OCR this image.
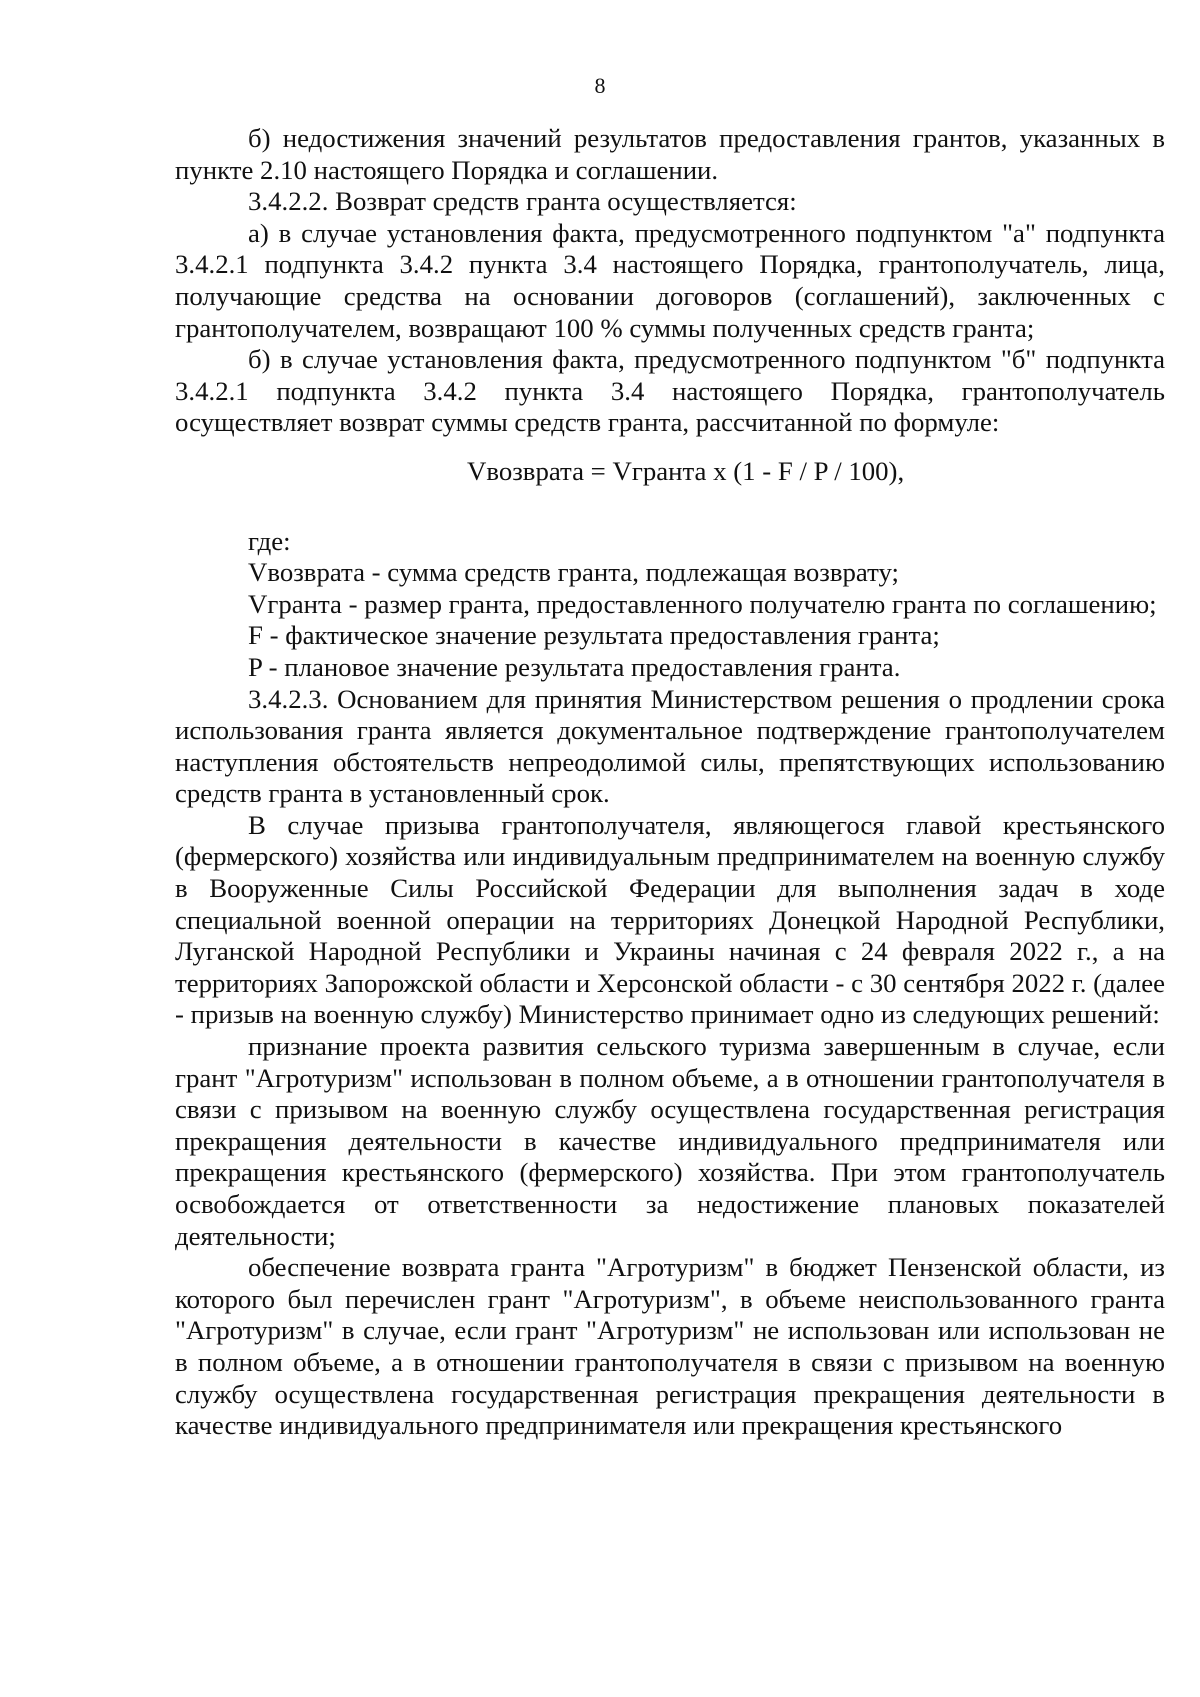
8

б) недостижения значений результатов предоставления грантов, указанных в пункте 2.10 настоящего Порядка и соглашении.

3.4.2.2. Возврат средств гранта осуществляется:

а) в случае установления факта, предусмотренного подпунктом "а" подпункта 3.4.2.1 подпункта 3.4.2 пункта 3.4 настоящего Порядка, грантополучатель, лица, получающие средства на основании договоров (соглашений), заключенных с грантополучателем, возвращают 100 % суммы полученных средств гранта;

б) в случае установления факта, предусмотренного подпунктом "б" подпункта 3.4.2.1 подпункта 3.4.2 пункта 3.4 настоящего Порядка, грантополучатель осуществляет возврат суммы средств гранта, рассчитанной по формуле:

Vвозврата = Vгранта x (1 - F / P / 100),

где:

Vвозврата - сумма средств гранта, подлежащая возврату;

Vгранта - размер гранта, предоставленного получателю гранта по соглашению;

F - фактическое значение результата предоставления гранта;

P - плановое значение результата предоставления гранта.

3.4.2.3. Основанием для принятия Министерством решения о продлении срока использования гранта является документальное подтверждение грантополучателем наступления обстоятельств непреодолимой силы, препятствующих использованию средств гранта в установленный срок.

В случае призыва грантополучателя, являющегося главой крестьянского (фермерского) хозяйства или индивидуальным предпринимателем на военную службу в Вооруженные Силы Российской Федерации для выполнения задач в ходе специальной военной операции на территориях Донецкой Народной Республики, Луганской Народной Республики и Украины начиная с 24 февраля 2022 г., а на территориях Запорожской области и Херсонской области - с 30 сентября 2022 г. (далее - призыв на военную службу) Министерство принимает одно из следующих решений:

признание проекта развития сельского туризма завершенным в случае, если грант "Агротуризм" использован в полном объеме, а в отношении грантополучателя в связи с призывом на военную службу осуществлена государственная регистрация прекращения деятельности в качестве индивидуального предпринимателя или прекращения крестьянского (фермерского) хозяйства. При этом грантополучатель освобождается от ответственности за недостижение плановых показателей деятельности;

обеспечение возврата гранта "Агротуризм" в бюджет Пензенской области, из которого был перечислен грант "Агротуризм", в объеме неиспользованного гранта "Агротуризм" в случае, если грант "Агротуризм" не использован или использован не в полном объеме, а в отношении грантополучателя в связи с призывом на военную службу осуществлена государственная регистрация прекращения деятельности в качестве индивидуального предпринимателя или прекращения крестьянского
